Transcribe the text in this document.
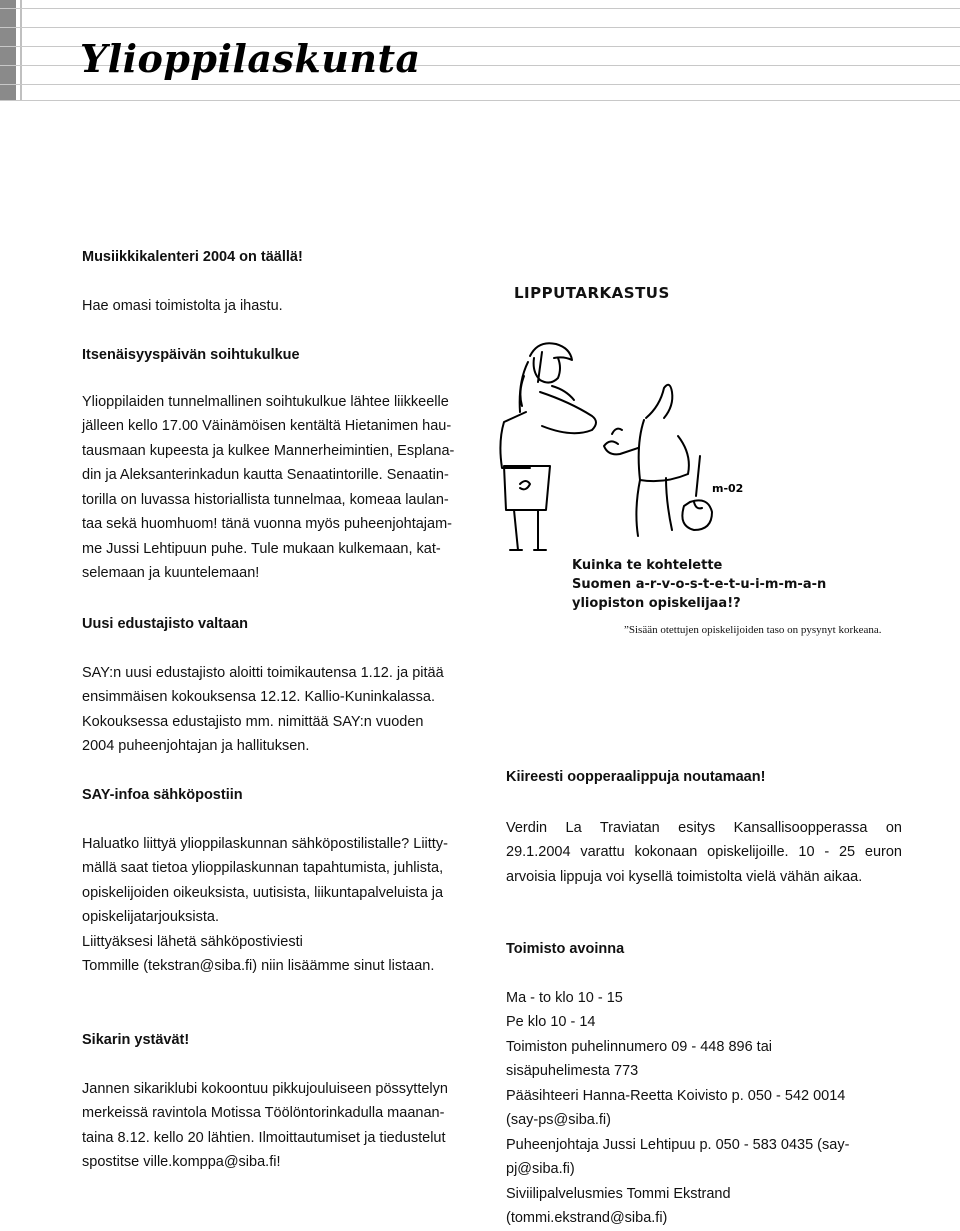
Ylioppilaskunta

Musiikkikalenteri 2004 on täällä!

Hae omasi toimistolta ja ihastu.

Itsenäisyyspäivän soihtukulkue

Ylioppilaiden tunnelmallinen soihtukulkue lähtee liikkeelle
jälleen kello 17.00 Väinämöisen kentältä Hietanimen hau-
tausmaan kupeesta ja kulkee Mannerheimintien, Esplana-
din ja Aleksanterinkadun kautta Senaatintorille. Senaatin-
torilla on luvassa historiallista tunnelmaa, komeaa laulan-
taa sekä huomhuom! tänä vuonna myös puheenjohtajam-
me Jussi Lehtipuun puhe. Tule mukaan kulkemaan, kat-
selemaan ja kuuntelemaan!

Uusi edustajisto valtaan

SAY:n uusi edustajisto aloitti toimikautensa 1.12. ja pitää
ensimmäisen kokouksensa 12.12. Kallio-Kuninkalassa.
Kokouksessa edustajisto mm. nimittää SAY:n vuoden
2004 puheenjohtajan ja hallituksen.

SAY-infoa sähköpostiin

Haluatko liittyä ylioppilaskunnan sähköpostilistalle? Liitty-
mällä saat tietoa ylioppilaskunnan tapahtumista, juhlista,
opiskelijoiden oikeuksista, uutisista, liikuntapalveluista ja
opiskelijatarjouksista.
Liittyäksesi lähetä sähköpostiviesti
Tommille (tekstran@siba.fi) niin lisäämme sinut listaan.

Sikarin ystävät!

Jannen sikariklubi kokoontuu pikkujouluiseen pössyttelyn
merkeissä ravintola Motissa Töölöntorinkadulla maanan-
taina 8.12. kello 20 lähtien. Ilmoittautumiset ja tiedustelut
spostitse ville.komppa@siba.fi!
LIPPUTARKASTUS
m-02
Kuinka te kohtelette
Suomen a-r-v-o-s-t-e-t-u-i-m-m-a-n
yliopiston opiskelijaa!?
”Sisään otettujen opiskelijoiden taso on pysynyt korkeana.

Kiireesti oopperaalippuja noutamaan!

Verdin La Traviatan esitys Kansallisoopperassa on

29.1.2004 varattu kokonaan opiskelijoille. 10 - 25 euron

arvoisia lippuja voi kysellä toimistolta vielä vähän aikaa.

Toimisto avoinna

Ma - to klo 10 - 15
Pe klo 10 - 14
Toimiston puhelinnumero 09 - 448 896 tai
sisäpuhelimesta 773
Pääsihteeri Hanna-Reetta Koivisto p. 050 - 542 0014
(say-ps@siba.fi)
Puheenjohtaja Jussi Lehtipuu p. 050 - 583 0435 (say-
pj@siba.fi)
Siviilipalvelusmies Tommi Ekstrand
(tommi.ekstrand@siba.fi)
